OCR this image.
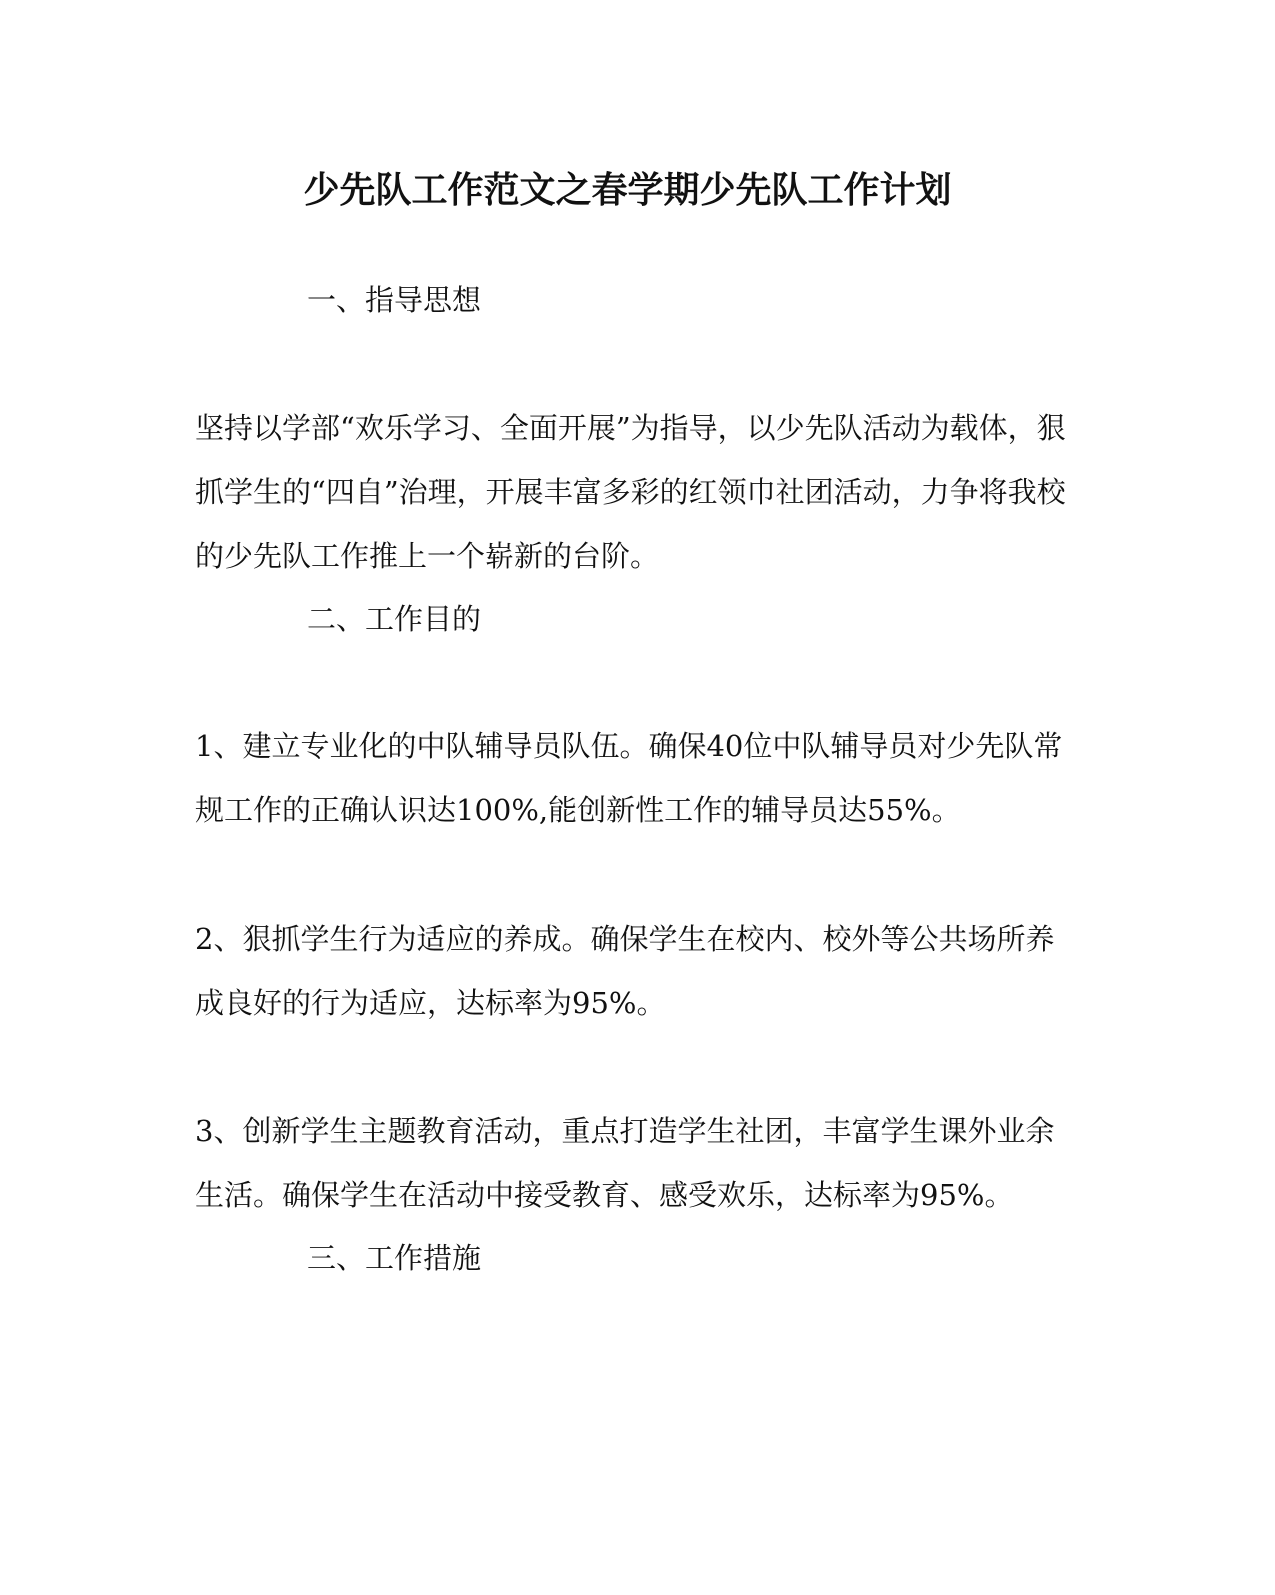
少先队工作范文之春学期少先队工作计划
一、指导思想
坚持以学部“欢乐学习、全面开展”为指导，以少先队活动为载体，狠
抓学生的“四自”治理，开展丰富多彩的红领巾社团活动，力争将我校
的少先队工作推上一个崭新的台阶。
二、工作目的
1、建立专业化的中队辅导员队伍。确保40位中队辅导员对少先队常
规工作的正确认识达100%,能创新性工作的辅导员达55%。
2、狠抓学生行为适应的养成。确保学生在校内、校外等公共场所养
成良好的行为适应，达标率为95%。
3、创新学生主题教育活动，重点打造学生社团，丰富学生课外业余
生活。确保学生在活动中接受教育、感受欢乐，达标率为95%。
三、工作措施
